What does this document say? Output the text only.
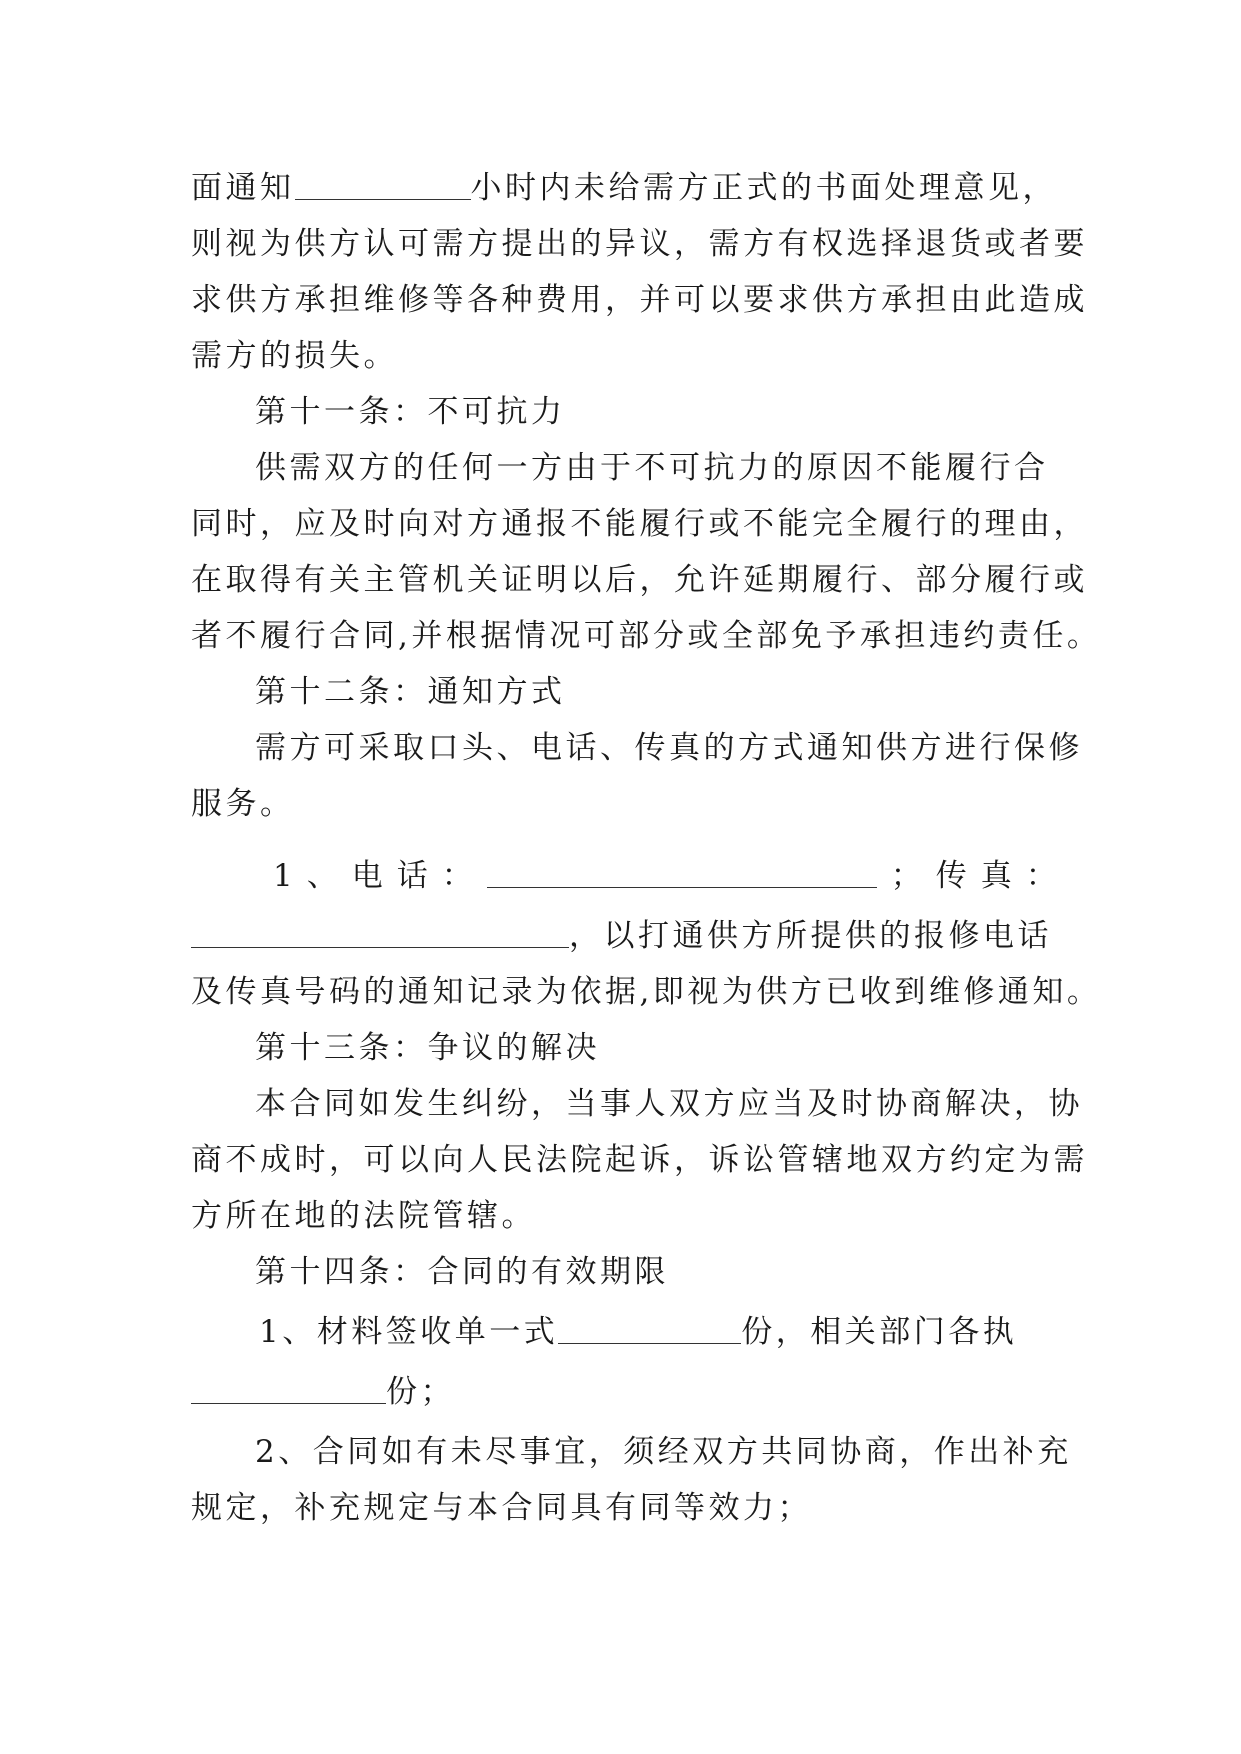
面通知	小时内未给需方正式的书面处理意见，
则视为供方认可需方提出的异议，需方有权选择退货或者要
求供方承担维修等各种费用，并可以要求供方承担由此造成
需方的损失。
第十一条：不可抗力
供需双方的任何一方由于不可抗力的原因不能履行合
同时，应及时向对方通报不能履行或不能完全履行的理由，
在取得有关主管机关证明以后，允许延期履行、部分履行或
者不履行合同,并根据情况可部分或全部免予承担违约责任。
第十二条：通知方式
需方可采取口头、电话、传真的方式通知供方进行保修
服务。
1、电话：	；传真：
，以打通供方所提供的报修电话
及传真号码的通知记录为依据,即视为供方已收到维修通知。
第十三条：争议的解决
本合同如发生纠纷，当事人双方应当及时协商解决，协
商不成时，可以向人民法院起诉，诉讼管辖地双方约定为需
方所在地的法院管辖。
第十四条：合同的有效期限
1、材料签收单一式	份，相关部门各执
份；
2、合同如有未尽事宜，须经双方共同协商，作出补充
规定，补充规定与本合同具有同等效力；
